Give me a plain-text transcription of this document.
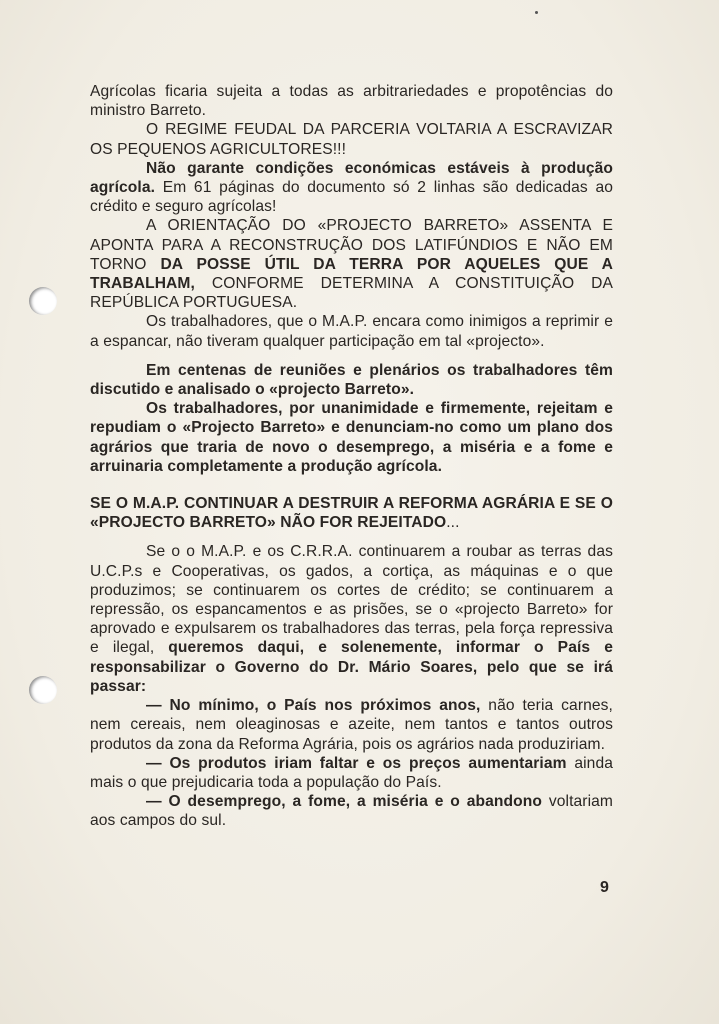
Agrícolas ficaria sujeita a todas as arbitrariedades e propotências do ministro Barreto.

O REGIME FEUDAL DA PARCERIA VOLTARIA A ESCRAVIZAR OS PEQUENOS AGRICULTORES!!!

Não garante condições económicas estáveis à produção agrícola. Em 61 páginas do documento só 2 linhas são dedicadas ao crédito e seguro agrícolas!

A ORIENTAÇÃO DO «PROJECTO BARRETO» ASSENTA E APONTA PARA A RECONSTRUÇÃO DOS LATIFÚNDIOS E NÃO EM TORNO DA POSSE ÚTIL DA TERRA POR AQUELES QUE A TRABALHAM, CONFORME DETERMINA A CONSTITUIÇÃO DA REPÚBLICA PORTUGUESA.

Os trabalhadores, que o M.A.P. encara como inimigos a reprimir e a espancar, não tiveram qualquer participação em tal «projecto».

Em centenas de reuniões e plenários os trabalhadores têm discutido e analisado o «projecto Barreto».

Os trabalhadores, por unanimidade e firmemente, rejeitam e repudiam o «Projecto Barreto» e denunciam-no como um plano dos agrários que traria de novo o desemprego, a miséria e a fome e arruinaria completamente a produção agrícola.

SE O M.A.P. CONTINUAR A DESTRUIR A REFORMA AGRÁRIA E SE O «PROJECTO BARRETO» NÃO FOR REJEITADO...

Se o o M.A.P. e os C.R.R.A. continuarem a roubar as terras das U.C.P.s e Cooperativas, os gados, a cortiça, as máquinas e o que produzimos; se continuarem os cortes de crédito; se continuarem a repressão, os espancamentos e as prisões, se o «projecto Barreto» for aprovado e expulsarem os trabalhadores das terras, pela força repressiva e ilegal, queremos daqui, e solenemente, informar o País e responsabilizar o Governo do Dr. Mário Soares, pelo que se irá passar:

— No mínimo, o País nos próximos anos, não teria carnes, nem cereais, nem oleaginosas e azeite, nem tantos e tantos outros produtos da zona da Reforma Agrária, pois os agrários nada produziriam.

— Os produtos iriam faltar e os preços aumentariam ainda mais o que prejudicaria toda a população do País.

— O desemprego, a fome, a miséria e o abandono voltariam aos campos do sul.

9
